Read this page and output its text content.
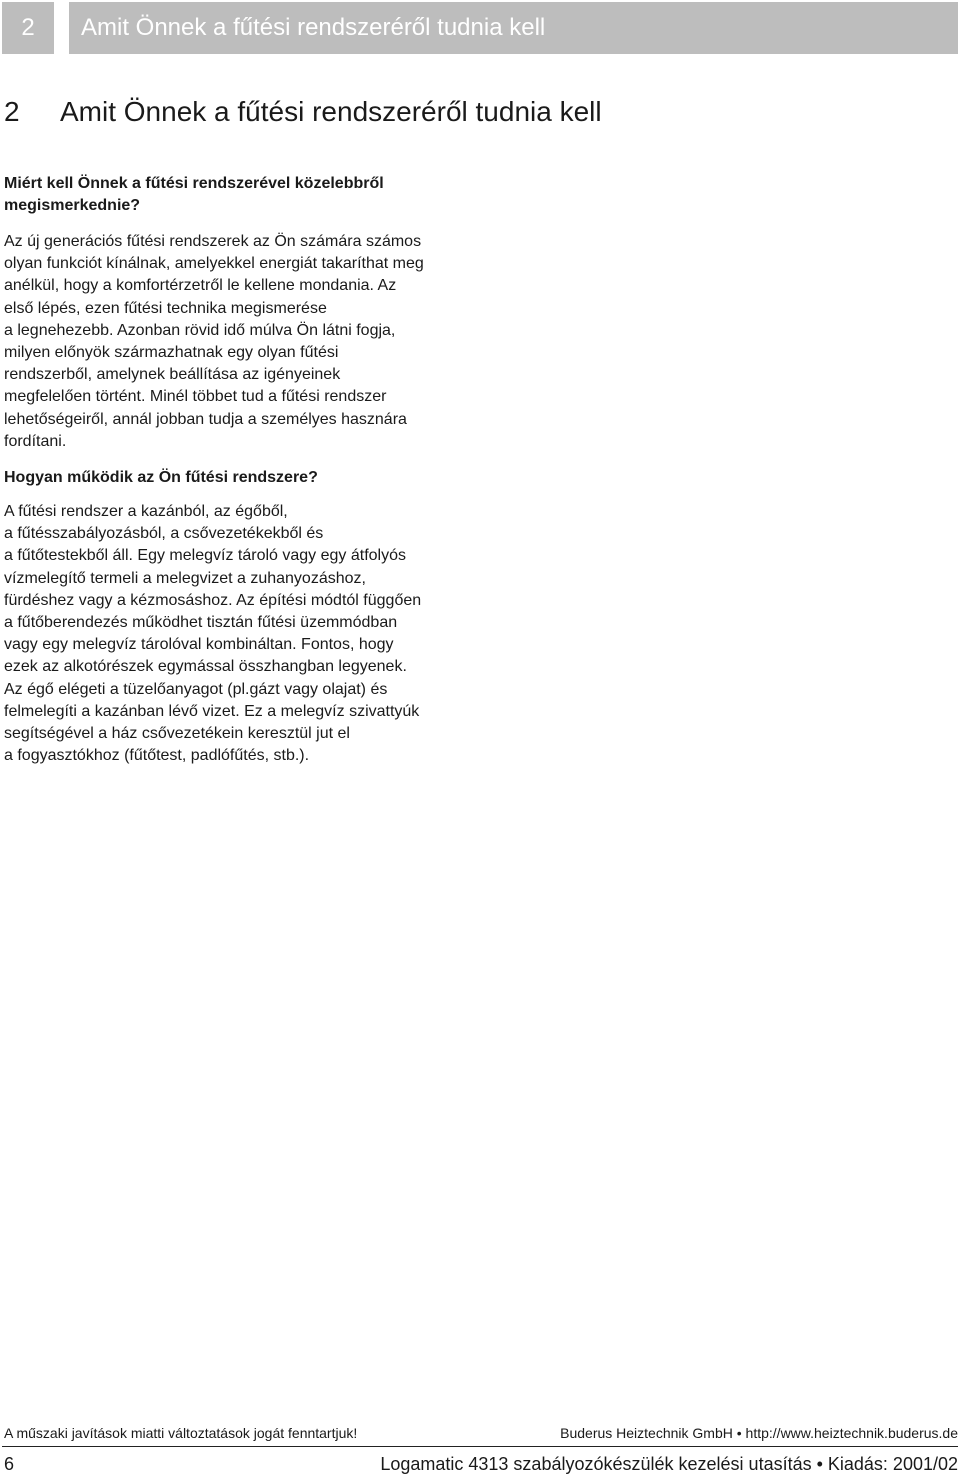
2	Amit Önnek a fűtési rendszeréről tudnia kell
2 Amit Önnek a fűtési rendszeréről tudnia kell
Miért kell Önnek a fűtési rendszerével közelebbről
megismerkednie?

Az új generációs fűtési rendszerek az Ön számára számos
olyan funkciót kínálnak, amelyekkel energiát takaríthat meg
anélkül, hogy a komfortérzetről le kellene mondania. Az
első lépés, ezen fűtési technika megismerése
a legnehezebb. Azonban rövid idő múlva Ön látni fogja,
milyen előnyök származhatnak egy olyan fűtési
rendszerből, amelynek beállítása az igényeinek
megfelelően történt. Minél többet tud a fűtési rendszer
lehetőségeiről, annál jobban tudja a személyes hasznára
fordítani.

Hogyan működik az Ön fűtési rendszere?

A fűtési rendszer a kazánból, az égőből,
a fűtésszabályozásból, a csővezetékekből és
a fűtőtestekből áll. Egy melegvíz tároló vagy egy átfolyós
vízmelegítő termeli a melegvizet a zuhanyozáshoz,
fürdéshez vagy a kézmosáshoz. Az építési módtól függően
a fűtőberendezés működhet tisztán fűtési üzemmódban
vagy egy melegvíz tárolóval kombináltan. Fontos, hogy
ezek az alkotórészek egymással összhangban legyenek.
Az égő elégeti a tüzelőanyagot (pl.gázt vagy olajat) és
felmelegíti a kazánban lévő vizet. Ez a melegvíz szivattyúk
segítségével a ház csővezetékein keresztül jut el
a fogyasztókhoz (fűtőtest, padlófűtés, stb.).

A műszaki javítások miatti változtatások jogát fenntartjuk!	Buderus Heiztechnik GmbH • http://www.heiztechnik.buderus.de
6	Logamatic 4313 szabályozókészülék kezelési utasítás • Kiadás: 2001/02
